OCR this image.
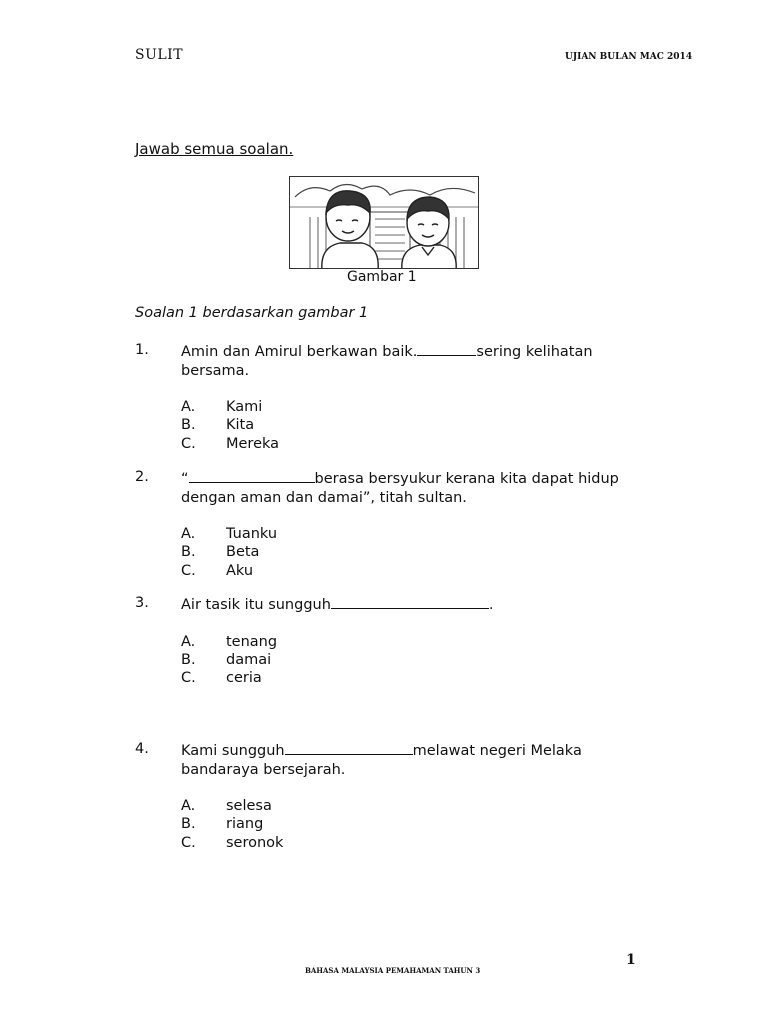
SULIT	UJIAN BULAN MAC 2014
Jawab semua soalan.
Gambar 1
Soalan 1 berdasarkan gambar 1
1. Amin dan Amirul berkawan baik.	sering kelihatan bersama.
A. Kami
B. Kita
C. Mereka
2. “	berasa bersyukur kerana kita dapat hidup dengan aman dan damai”, titah sultan.
A. Tuanku
B. Beta
C. Aku
3. Air tasik itu sungguh	.
A. tenang
B. damai
C. ceria
4. Kami sungguh	melawat negeri Melaka bandaraya bersejarah.
A. selesa
B. riang
C. seronok
1
BAHASA MALAYSIA PEMAHAMAN TAHUN 3
